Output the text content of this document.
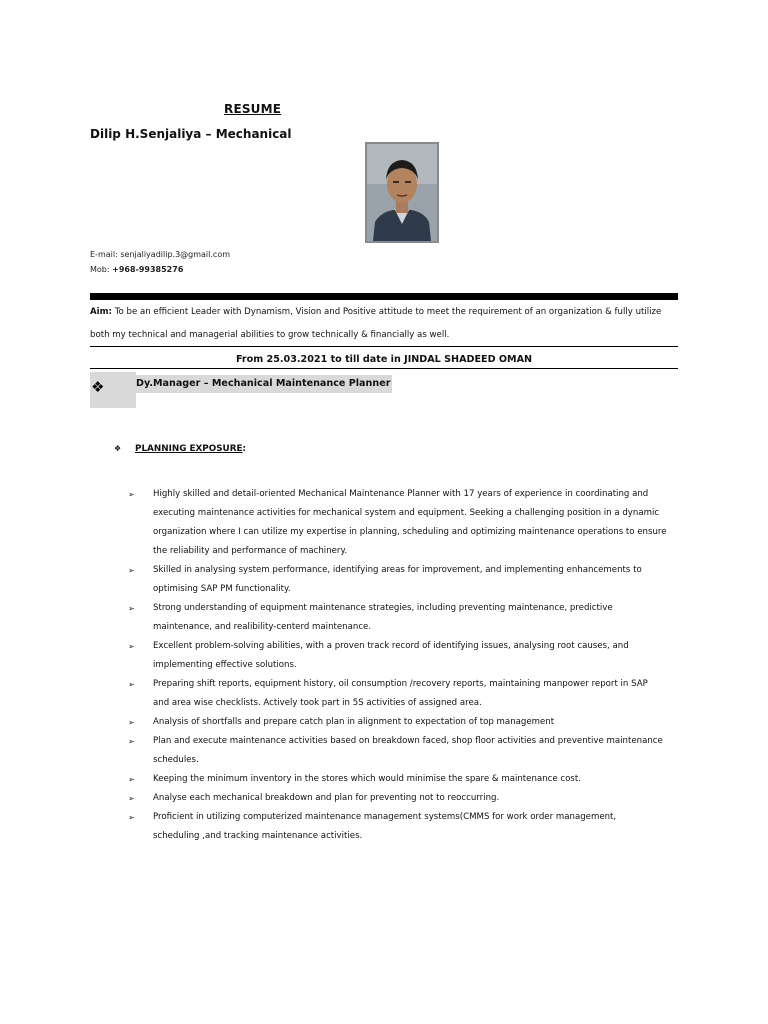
RESUME
Dilip H.Senjaliya – Mechanical
E-mail: senjaliyadilip.3@gmail.com
Mob: +968-99385276
Aim: To be an efficient Leader with Dynamism, Vision and Positive attitude to meet the requirement of an organization & fully utilize
both my technical and managerial abilities to grow technically & financially as well.
From 25.03.2021 to till date in JINDAL SHADEED OMAN
❖	Dy.Manager – Mechanical Maintenance Planner
❖ PLANNING EXPOSURE:
➢ Highly skilled and detail-oriented Mechanical Maintenance Planner with 17 years of experience in coordinating and
executing maintenance activities for mechanical system and equipment. Seeking a challenging position in a dynamic
organization where I can utilize my expertise in planning, scheduling and optimizing maintenance operations to ensure
the reliability and performance of machinery.
➢ Skilled in analysing system performance, identifying areas for improvement, and implementing enhancements to
optimising SAP PM functionality.
➢ Strong understanding of equipment maintenance strategies, including preventing maintenance, predictive
maintenance, and realibility-centerd maintenance.
➢ Excellent problem-solving abilities, with a proven track record of identifying issues, analysing root causes, and
implementing effective solutions.
➢ Preparing shift reports, equipment history, oil consumption /recovery reports, maintaining manpower report in SAP
and area wise checklists. Actively took part in 5S activities of assigned area.
➢ Analysis of shortfalls and prepare catch plan in alignment to expectation of top management
➢ Plan and execute maintenance activities based on breakdown faced, shop floor activities and preventive maintenance
schedules.
➢ Keeping the minimum inventory in the stores which would minimise the spare & maintenance cost.
➢ Analyse each mechanical breakdown and plan for preventing not to reoccurring.
➢ Proficient in utilizing computerized maintenance management systems(CMMS for work order management,
scheduling ,and tracking maintenance activities.
